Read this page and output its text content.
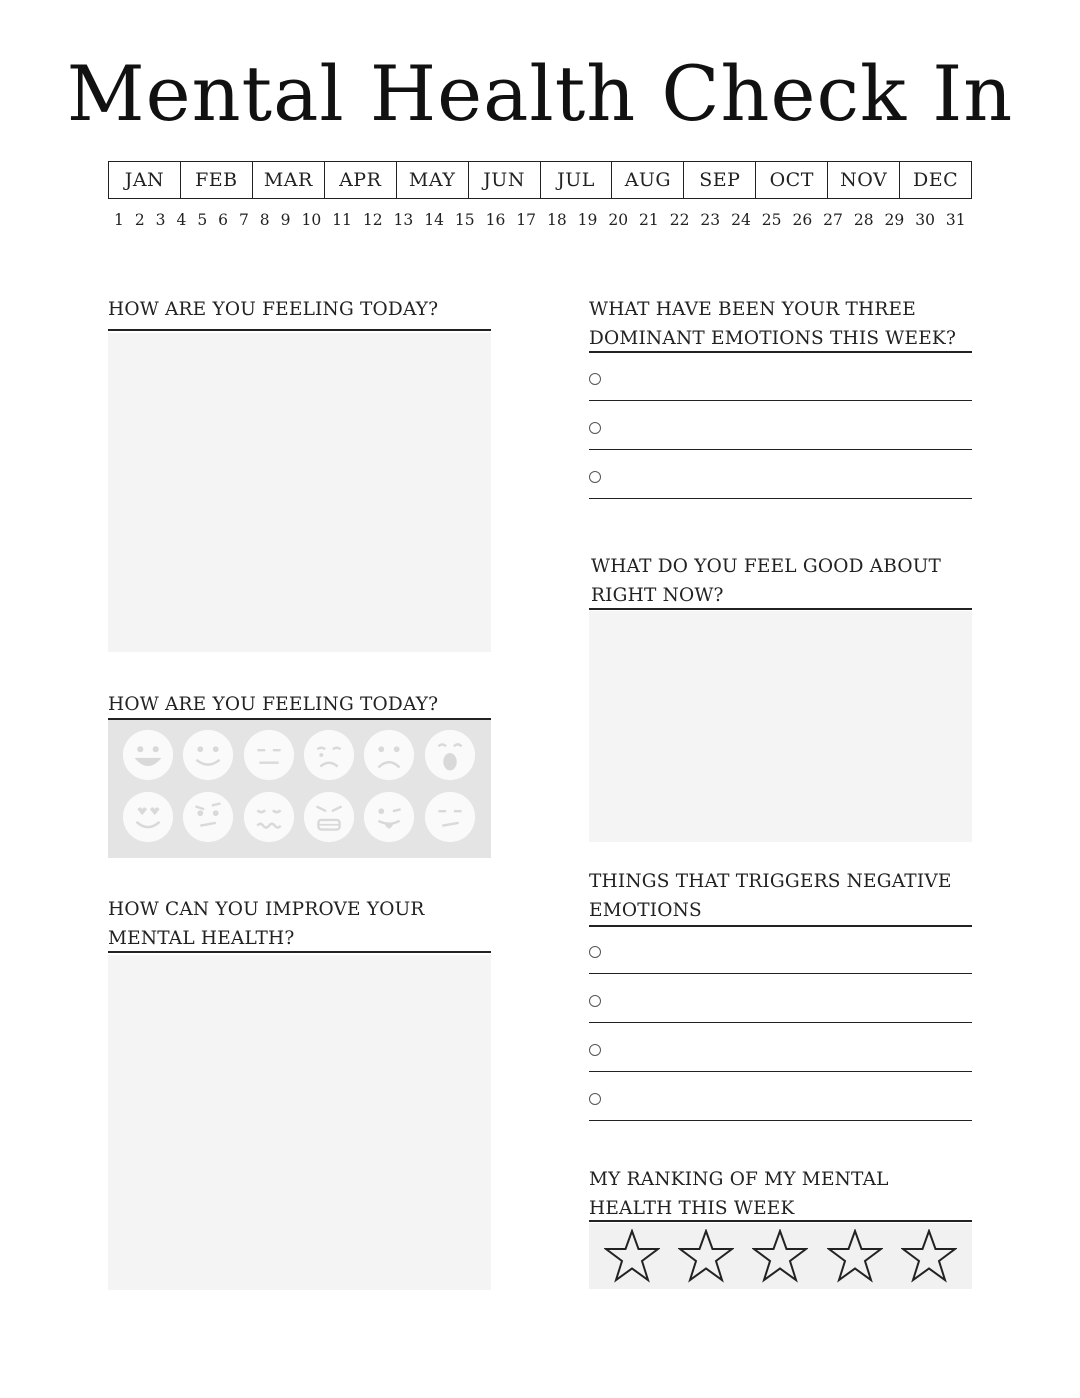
Mental Health Check In
JAN	FEB	MAR	APR	MAY	JUN	JUL	AUG	SEP	OCT	NOV	DEC
1 2 3 4 5 6 7 8 9 10 11 12 13 14 15 16 17 18 19 20 21 22 23 24 25 26 27 28 29 30 31
HOW ARE YOU FEELING TODAY?
HOW ARE YOU FEELING TODAY?
HOW CAN YOU IMPROVE YOUR
MENTAL HEALTH?
WHAT HAVE BEEN YOUR THREE
DOMINANT EMOTIONS THIS WEEK?
WHAT DO YOU FEEL GOOD ABOUT
RIGHT NOW?
THINGS THAT TRIGGERS NEGATIVE
EMOTIONS
MY RANKING OF MY MENTAL
HEALTH THIS WEEK
